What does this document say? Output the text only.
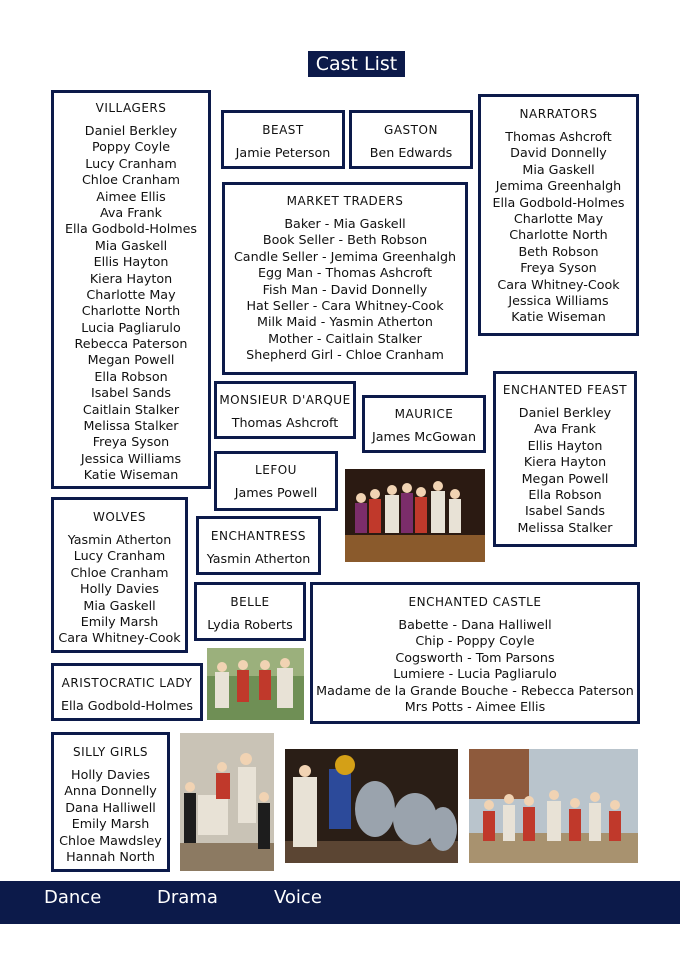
Cast List
VILLAGERS
Daniel Berkley
Poppy Coyle
Lucy Cranham
Chloe Cranham
Aimee Ellis
Ava Frank
Ella Godbold-Holmes
Mia Gaskell
Ellis Hayton
Kiera Hayton
Charlotte May
Charlotte North
Lucia Pagliarulo
Rebecca Paterson
Megan Powell
Ella Robson
Isabel Sands
Caitlain Stalker
Melissa Stalker
Freya Syson
Jessica Williams
Katie Wiseman
BEAST
Jamie Peterson
GASTON
Ben Edwards
NARRATORS
Thomas Ashcroft
David Donnelly
Mia Gaskell
Jemima Greenhalgh
Ella Godbold-Holmes
Charlotte May
Charlotte North
Beth Robson
Freya Syson
Cara Whitney-Cook
Jessica Williams
Katie Wiseman
MARKET TRADERS
Baker - Mia Gaskell
Book Seller - Beth Robson
Candle Seller - Jemima Greenhalgh
Egg Man - Thomas Ashcroft
Fish Man - David Donnelly
Hat Seller - Cara Whitney-Cook
Milk Maid - Yasmin Atherton
Mother - Caitlain Stalker
Shepherd Girl - Chloe Cranham
MONSIEUR D'ARQUE
Thomas Ashcroft
MAURICE
James McGowan
ENCHANTED FEAST
Daniel Berkley
Ava Frank
Ellis Hayton
Kiera Hayton
Megan Powell
Ella Robson
Isabel Sands
Melissa Stalker
LEFOU
James Powell
WOLVES
Yasmin Atherton
Lucy Cranham
Chloe Cranham
Holly Davies
Mia Gaskell
Emily Marsh
Cara Whitney-Cook
ENCHANTRESS
Yasmin Atherton
BELLE
Lydia Roberts
ENCHANTED CASTLE
Babette - Dana Halliwell
Chip - Poppy Coyle
Cogsworth - Tom Parsons
Lumiere - Lucia Pagliarulo
Madame de la Grande Bouche - Rebecca Paterson
Mrs Potts - Aimee Ellis
ARISTOCRATIC LADY
Ella Godbold-Holmes
SILLY GIRLS
Holly Davies
Anna Donnelly
Dana Halliwell
Emily Marsh
Chloe Mawdsley
Hannah North
Dance	Drama	Voice
